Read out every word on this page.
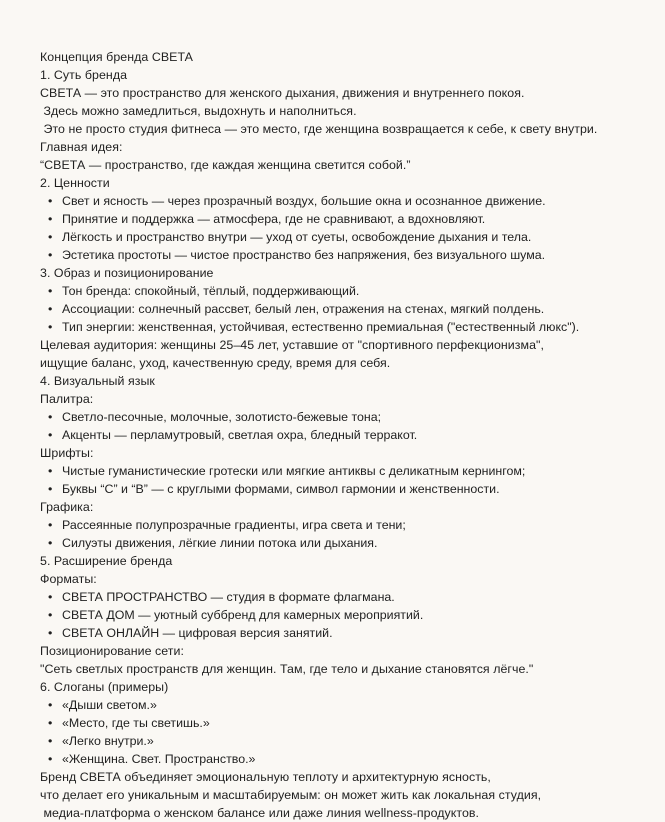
Концепция бренда СВЕТА
1. Суть бренда
СВЕТА — это пространство для женского дыхания, движения и внутреннего покоя.
Здесь можно замедлиться, выдохнуть и наполниться.
Это не просто студия фитнеса — это место, где женщина возвращается к себе, к свету внутри.
Главная идея:
“СВЕТА — пространство, где каждая женщина светится собой.”
2. Ценности
• Свет и ясность — через прозрачный воздух, большие окна и осознанное движение.
• Принятие и поддержка — атмосфера, где не сравнивают, а вдохновляют.
• Лёгкость и пространство внутри — уход от суеты, освобождение дыхания и тела.
• Эстетика простоты — чистое пространство без напряжения, без визуального шума.
3. Образ и позиционирование
• Тон бренда: спокойный, тёплый, поддерживающий.
• Ассоциации: солнечный рассвет, белый лен, отражения на стенах, мягкий полдень.
• Тип энергии: женственная, устойчивая, естественно премиальная ("естественный люкс").
Целевая аудитория: женщины 25–45 лет, уставшие от "спортивного перфекционизма",
ищущие баланс, уход, качественную среду, время для себя.
4. Визуальный язык
Палитра:
• Светло-песочные, молочные, золотисто-бежевые тона;
• Акценты — перламутровый, светлая охра, бледный терракот.
Шрифты:
• Чистые гуманистические гротески или мягкие антиквы с деликатным кернингом;
• Буквы “С” и “В” — с круглыми формами, символ гармонии и женственности.
Графика:
• Рассеянные полупрозрачные градиенты, игра света и тени;
• Силуэты движения, лёгкие линии потока или дыхания.
5. Расширение бренда
Форматы:
• СВЕТА ПРОСТРАНСТВО — студия в формате флагмана.
• СВЕТА ДОМ — уютный суббренд для камерных мероприятий.
• СВЕТА ОНЛАЙН — цифровая версия занятий.
Позиционирование сети:
"Сеть светлых пространств для женщин. Там, где тело и дыхание становятся лёгче."
6. Слоганы (примеры)
• «Дыши светом.»
• «Место, где ты светишь.»
• «Легко внутри.»
• «Женщина. Свет. Пространство.»
Бренд СВЕТА объединяет эмоциональную теплоту и архитектурную ясность,
что делает его уникальным и масштабируемым: он может жить как локальная студия,
медиа-платформа о женском балансе или даже линия wellness-продуктов.
